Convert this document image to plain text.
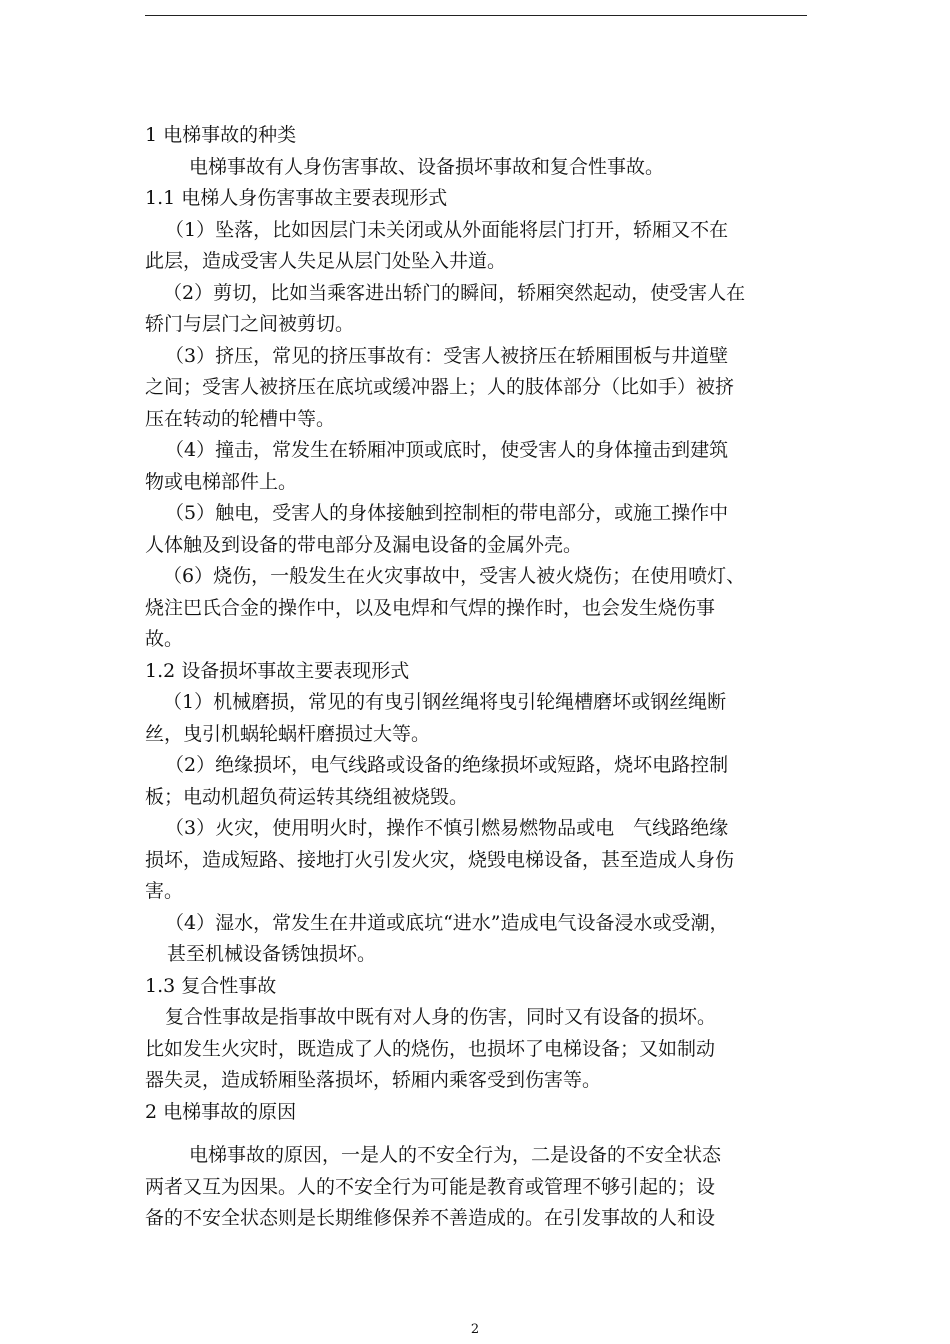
1 电梯事故的种类
电梯事故有人身伤害事故、设备损坏事故和复合性事故。
1.1 电梯人身伤害事故主要表现形式
（1）坠落，比如因层门未关闭或从外面能将层门打开，轿厢又不在
此层，造成受害人失足从层门处坠入井道。
（2）剪切，比如当乘客进出轿门的瞬间，轿厢突然起动，使受害人在
轿门与层门之间被剪切。
（3）挤压，常见的挤压事故有：受害人被挤压在轿厢围板与井道壁
之间；受害人被挤压在底坑或缓冲器上；人的肢体部分（比如手）被挤
压在转动的轮槽中等。
（4）撞击，常发生在轿厢冲顶或底时，使受害人的身体撞击到建筑
物或电梯部件上。
（5）触电，受害人的身体接触到控制柜的带电部分，或施工操作中
人体触及到设备的带电部分及漏电设备的金属外壳。
（6）烧伤，一般发生在火灾事故中，受害人被火烧伤；在使用喷灯、
烧注巴氏合金的操作中，以及电焊和气焊的操作时，也会发生烧伤事
故。
1.2 设备损坏事故主要表现形式
（1）机械磨损，常见的有曳引钢丝绳将曳引轮绳槽磨坏或钢丝绳断
丝，曳引机蜗轮蜗杆磨损过大等。
（2）绝缘损坏，电气线路或设备的绝缘损坏或短路，烧坏电路控制
板；电动机超负荷运转其绕组被烧毁。
（3）火灾，使用明火时，操作不慎引燃易燃物品或电　气线路绝缘
损坏，造成短路、接地打火引发火灾，烧毁电梯设备，甚至造成人身伤
害。
（4）湿水，常发生在井道或底坑“进水”造成电气设备浸水或受潮，
甚至机械设备锈蚀损坏。
1.3 复合性事故
复合性事故是指事故中既有对人身的伤害，同时又有设备的损坏。
比如发生火灾时，既造成了人的烧伤，也损坏了电梯设备；又如制动
器失灵，造成轿厢坠落损坏，轿厢内乘客受到伤害等。
2 电梯事故的原因
电梯事故的原因，一是人的不安全行为，二是设备的不安全状态
两者又互为因果。人的不安全行为可能是教育或管理不够引起的；设
备的不安全状态则是长期维修保养不善造成的。在引发事故的人和设
2
